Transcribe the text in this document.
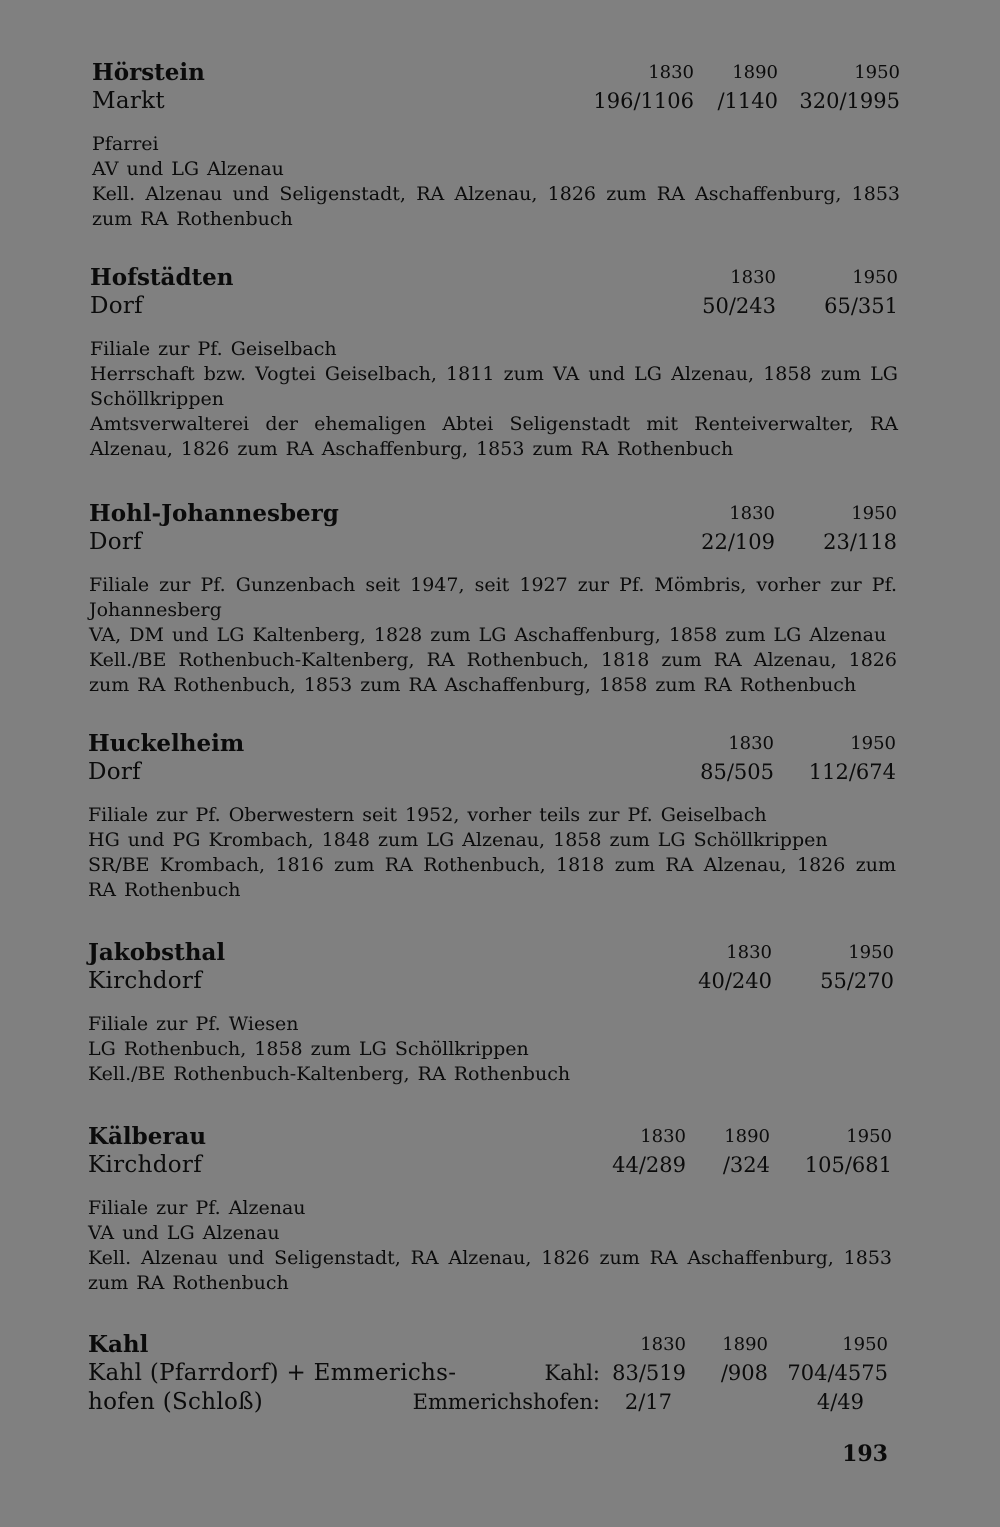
Hörstein	1830 1890	1950
Markt	196/1106 /1140 320/1995

Pfarrei

AV und LG Alzenau

Kell. Alzenau und Seligenstadt, RA Alzenau, 1826 zum RA Aschaffenburg, 1853 zum RA Rothenbuch

Hofstädten	1830	1950
Dorf	50/243 65/351

Filiale zur Pf. Geiselbach

Herrschaft bzw. Vogtei Geiselbach, 1811 zum VA und LG Alzenau, 1858 zum LG Schöllkrippen

Amtsverwalterei der ehemaligen Abtei Seligenstadt mit Renteiverwalter, RA Alzenau, 1826 zum RA Aschaffenburg, 1853 zum RA Rothenbuch

Hohl-Johannesberg	1830	1950
Dorf	22/109 23/118

Filiale zur Pf. Gunzenbach seit 1947, seit 1927 zur Pf. Mömbris, vorher zur Pf. Johannesberg

VA, DM und LG Kaltenberg, 1828 zum LG Aschaffenburg, 1858 zum LG Alzenau

Kell./BE Rothenbuch-Kaltenberg, RA Rothenbuch, 1818 zum RA Alzenau, 1826 zum RA Rothenbuch, 1853 zum RA Aschaffenburg, 1858 zum RA Rothenbuch

Huckelheim	1830	1950
Dorf	85/505 112/674

Filiale zur Pf. Oberwestern seit 1952, vorher teils zur Pf. Geiselbach

HG und PG Krombach, 1848 zum LG Alzenau, 1858 zum LG Schöllkrippen

SR/BE Krombach, 1816 zum RA Rothenbuch, 1818 zum RA Alzenau, 1826 zum RA Rothenbuch

Jakobsthal	1830	1950
Kirchdorf	40/240 55/270

Filiale zur Pf. Wiesen

LG Rothenbuch, 1858 zum LG Schöllkrippen

Kell./BE Rothenbuch-Kaltenberg, RA Rothenbuch

Kälberau	1830 1890	1950
Kirchdorf	44/289 /324 105/681

Filiale zur Pf. Alzenau

VA und LG Alzenau

Kell. Alzenau und Seligenstadt, RA Alzenau, 1826 zum RA Aschaffenburg, 1853 zum RA Rothenbuch

Kahl	1830 1890	1950
Kahl (Pfarrdorf) + Emmerichs-	Kahl: 83/519 /908 704/4575
hofen (Schloß)	Emmerichshofen: 2/17	4/49
193
